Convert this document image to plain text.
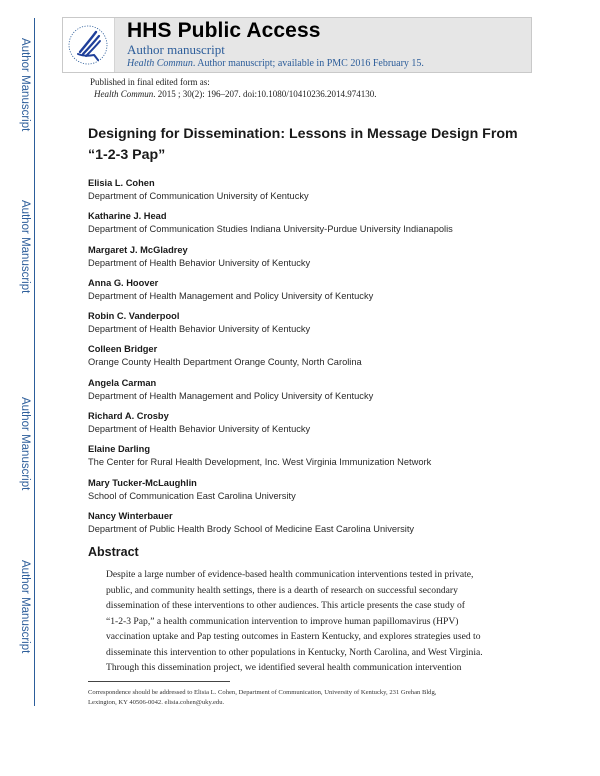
Author Manuscript
Author Manuscript
Author Manuscript
Author Manuscript
HHS Public Access
Author manuscript
Health Commun. Author manuscript; available in PMC 2016 February 15.
Published in final edited form as:
Health Commun. 2015 ; 30(2): 196–207. doi:10.1080/10410236.2014.974130.
Designing for Dissemination: Lessons in Message Design From
“1-2-3 Pap”
Elisia L. Cohen
Department of Communication University of Kentucky
Katharine J. Head
Department of Communication Studies Indiana University-Purdue University Indianapolis
Margaret J. McGladrey
Department of Health Behavior University of Kentucky
Anna G. Hoover
Department of Health Management and Policy University of Kentucky
Robin C. Vanderpool
Department of Health Behavior University of Kentucky
Colleen Bridger
Orange County Health Department Orange County, North Carolina
Angela Carman
Department of Health Management and Policy University of Kentucky
Richard A. Crosby
Department of Health Behavior University of Kentucky
Elaine Darling
The Center for Rural Health Development, Inc. West Virginia Immunization Network
Mary Tucker-McLaughlin
School of Communication East Carolina University
Nancy Winterbauer
Department of Public Health Brody School of Medicine East Carolina University
Abstract
Despite a large number of evidence-based health communication interventions tested in private,
public, and community health settings, there is a dearth of research on successful secondary
dissemination of these interventions to other audiences. This article presents the case study of
“1-2-3 Pap,” a health communication intervention to improve human papillomavirus (HPV)
vaccination uptake and Pap testing outcomes in Eastern Kentucky, and explores strategies used to
disseminate this intervention to other populations in Kentucky, North Carolina, and West Virginia.
Through this dissemination project, we identified several health communication intervention
Correspondence should be addressed to Elisia L. Cohen, Department of Communication, University of Kentucky, 231 Grehan Bldg,
Lexington, KY 40506-0042. elisia.cohen@uky.edu.
